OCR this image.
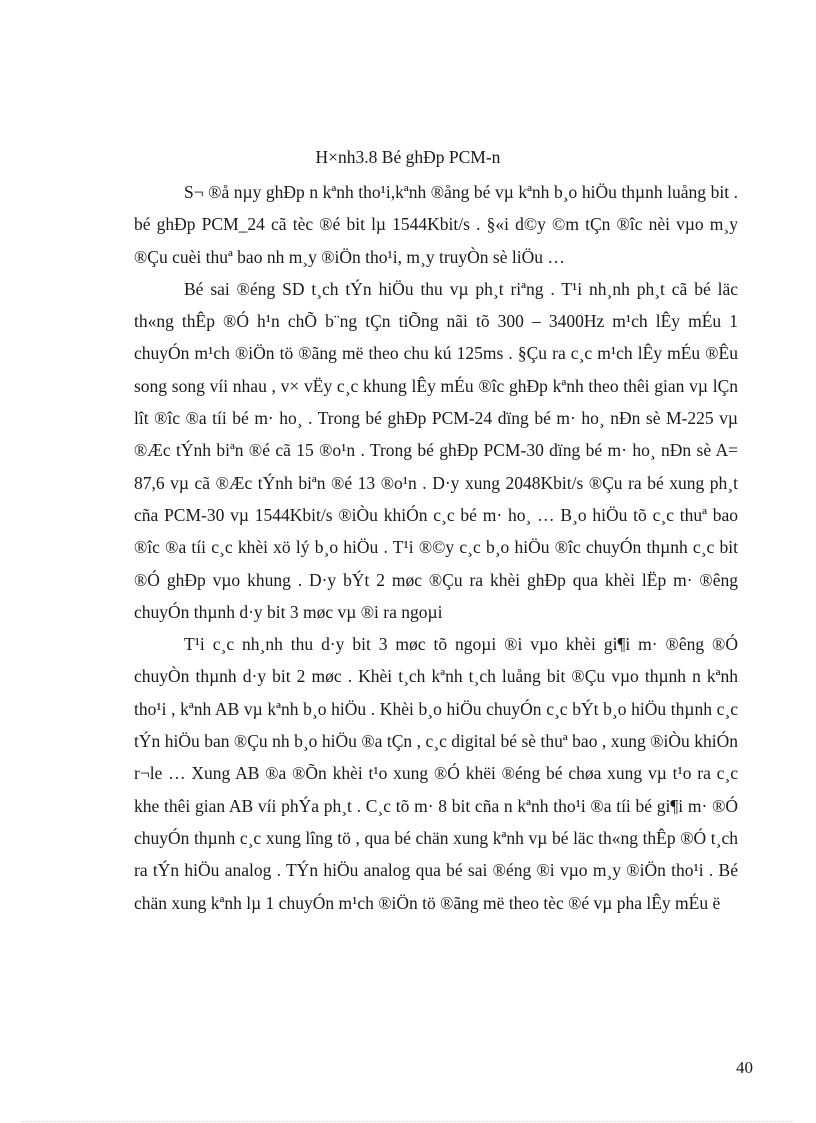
H×nh3.8 Bé ghÐp PCM-n

S¬ ®å nµy ghÐp n kªnh tho¹i,kªnh ®ång bé vµ kªnh b¸o hiÖu thµnh luång bit . bé ghÐp PCM_24 cã tèc ®é bit lµ 1544Kbit/s . §«i d©y ©m tÇn ®îc nèi vµo m¸y ®Çu cuèi thuª bao nh m¸y ®iÖn tho¹i, m¸y truyÒn sè liÖu …

Bé sai ®éng SD t¸ch tÝn hiÖu thu vµ ph¸t riªng . T¹i nh¸nh ph¸t cã bé läc th«ng thÊp ®Ó h¹n chÕ b¨ng tÇn tiÕng nãi tõ 300 – 3400Hz m¹ch lÊy mÉu 1 chuyÓn m¹ch ®iÖn tö ®ãng më theo chu kú 125ms . §Çu ra c¸c m¹ch lÊy mÉu ®Êu song song víi nhau , v× vËy c¸c khung lÊy mÉu ®îc ghÐp kªnh theo thêi gian vµ lÇn lît ®îc ®a tíi bé m· ho¸ . Trong bé ghÐp PCM-24 dïng bé m· ho¸ nÐn sè M-225 vµ ®Æc tÝnh biªn ®é cã 15 ®o¹n . Trong bé ghÐp PCM-30 dïng bé m· ho¸ nÐn sè A= 87,6 vµ cã ®Æc tÝnh biªn ®é 13 ®o¹n . D·y xung 2048Kbit/s ®Çu ra bé xung ph¸t cña PCM-30 vµ 1544Kbit/s ®iÒu khiÓn c¸c bé m· ho¸ … B¸o hiÖu tõ c¸c thuª bao ®îc ®a tíi c¸c khèi xö lý b¸o hiÖu . T¹i ®©y c¸c b¸o hiÖu ®îc chuyÓn thµnh c¸c bit ®Ó ghÐp vµo khung . D·y bÝt 2 møc ®Çu ra khèi ghÐp qua khèi lËp m· ®êng chuyÓn thµnh d·y bit 3 møc vµ ®i ra ngoµi

T¹i c¸c nh¸nh thu d·y bit 3 møc tõ ngoµi ®i vµo khèi gi¶i m· ®êng ®Ó chuyÒn thµnh d·y bit 2 møc . Khèi t¸ch kªnh t¸ch luång bit ®Çu vµo thµnh n kªnh tho¹i , kªnh AB vµ kªnh b¸o hiÖu . Khèi b¸o hiÖu chuyÓn c¸c bÝt b¸o hiÖu thµnh c¸c tÝn hiÖu ban ®Çu nh b¸o hiÖu ®a tÇn , c¸c digital bé sè thuª bao , xung ®iÒu khiÓn r¬le … Xung AB ®a ®Õn khèi t¹o xung ®Ó khëi ®éng bé chøa xung vµ t¹o ra c¸c khe thêi gian AB víi phÝa ph¸t . C¸c tõ m· 8 bit cña n kªnh tho¹i ®a tíi bé gi¶i m· ®Ó chuyÓn thµnh c¸c xung lîng tö , qua bé chän xung kªnh vµ bé läc th«ng thÊp ®Ó t¸ch ra tÝn hiÖu analog . TÝn hiÖu analog qua bé sai ®éng ®i vµo m¸y ®iÖn tho¹i . Bé chän xung kªnh lµ 1 chuyÓn m¹ch ®iÖn tö ®ãng më theo tèc ®é vµ pha lÊy mÉu ë

40
